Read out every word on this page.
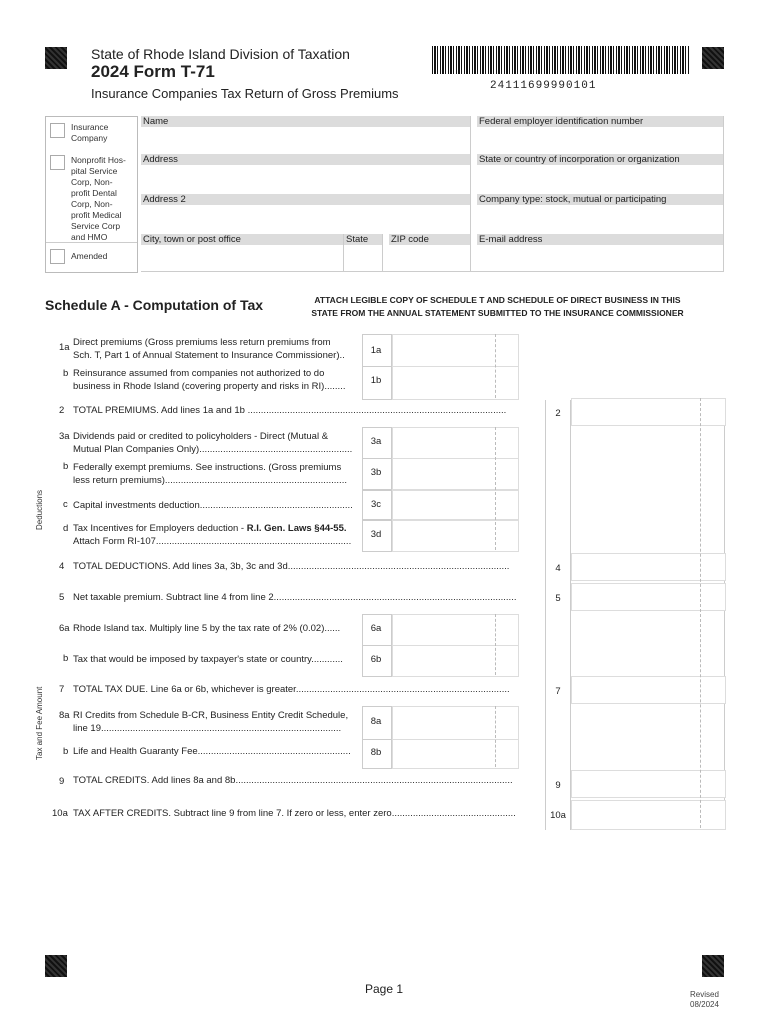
State of Rhode Island Division of Taxation
2024 Form T-71
Insurance Companies Tax Return of Gross Premiums	24111699990101
Insurance Company
Nonprofit Hos- pital Service Corp, Non- profit Dental Corp, Non- profit Medical Service Corp and HMO
Amended
Name	Federal employer identification number
Address	State or country of incorporation or organization
Address 2	Company type: stock, mutual or participating
City, town or post office	State	ZIP code	E-mail address
Schedule A - Computation of Tax	ATTACH LEGIBLE COPY OF SCHEDULE T AND SCHEDULE OF DIRECT BUSINESS IN THIS
STATE FROM THE ANNUAL STATEMENT SUBMITTED TO THE INSURANCE COMMISSIONER
Deductions
Tax and Fee Amount
1a Direct premiums (Gross premiums less return premiums from
Sch. T, Part 1 of Annual Statement to Insurance Commissioner)..	1a
b Reinsurance assumed from companies not authorized to do
business in Rhode Island (covering property and risks in RI)........
1b
2 TOTAL PREMIUMS. Add lines 1a and 1b ..................................................................................................	2
3a Dividends paid or credited to policyholders - Direct (Mutual &
Mutual Plan Companies Only)..........................................................
3a
b Federally exempt premiums. See instructions. (Gross premiums
less return premiums).....................................................................
3b
c Capital investments deduction..........................................................	3c
d Tax Incentives for Employers deduction - R.I. Gen. Laws §44-55.
Attach Form RI-107..........................................................................
3d
4 TOTAL DEDUCTIONS. Add lines 3a, 3b, 3c and 3d....................................................................................	4
5 Net taxable premium. Subtract line 4 from line 2............................................................................................	5
6a Rhode Island tax. Multiply line 5 by the tax rate of 2% (0.02)......	6a
b Tax that would be imposed by taxpayer's state or country............	6b
7 TOTAL TAX DUE. Line 6a or 6b, whichever is greater.................................................................................	7
8a RI Credits from Schedule B-CR, Business Entity Credit Schedule,
line 19...........................................................................................
8a
b Life and Health Guaranty Fee..........................................................	8b
9 TOTAL CREDITS. Add lines 8a and 8b.........................................................................................................	9
10a TAX AFTER CREDITS. Subtract line 9 from line 7. If zero or less, enter zero...............................................	10a
Page 1	Revised
08/2024
